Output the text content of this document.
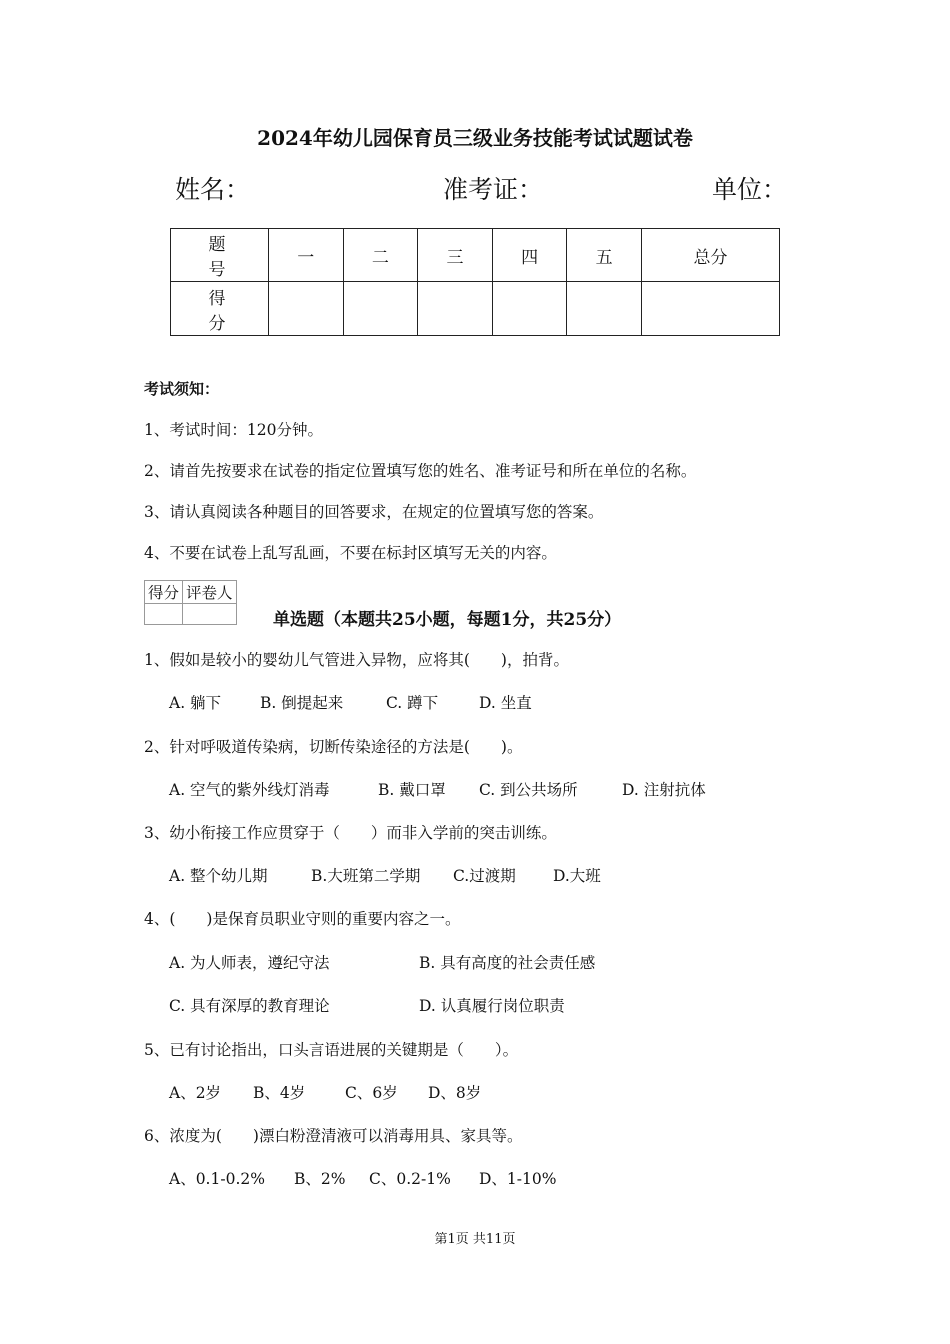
2024年幼儿园保育员三级业务技能考试试题试卷
姓名：	准考证：	单位：
题　号	一	二	三	四	五	总分
得　分						
考试须知：
1、考试时间：120分钟。
2、请首先按要求在试卷的指定位置填写您的姓名、准考证号和所在单位的名称。
3、请认真阅读各种题目的回答要求，在规定的位置填写您的答案。
4、不要在试卷上乱写乱画，不要在标封区填写无关的内容。
得分	评卷人

单选题（本题共25小题，每题1分，共25分）
1、假如是较小的婴幼儿气管进入异物，应将其(　　)，拍背。
A. 躺下	B. 倒提起来	C. 蹲下	D. 坐直
2、针对呼吸道传染病，切断传染途径的方法是(　　)。
A. 空气的紫外线灯消毒	B. 戴口罩 C. 到公共场所	D. 注射抗体
3、幼小衔接工作应贯穿于（　　）而非入学前的突击训练。
A. 整个幼儿期	B.大班第二学期 C.过渡期 D.大班
4、(　　)是保育员职业守则的重要内容之一。
A. 为人师表，遵纪守法	B. 具有高度的社会责任感
C. 具有深厚的教育理论	D. 认真履行岗位职责
5、已有讨论指出，口头言语进展的关键期是（　　）。
A、2岁 B、4岁	C、6岁 D、8岁
6、浓度为(　　)漂白粉澄清液可以消毒用具、家具等。
A、0.1-0.2% B、2% C、0.2-1% D、1-10%
第1页 共11页
